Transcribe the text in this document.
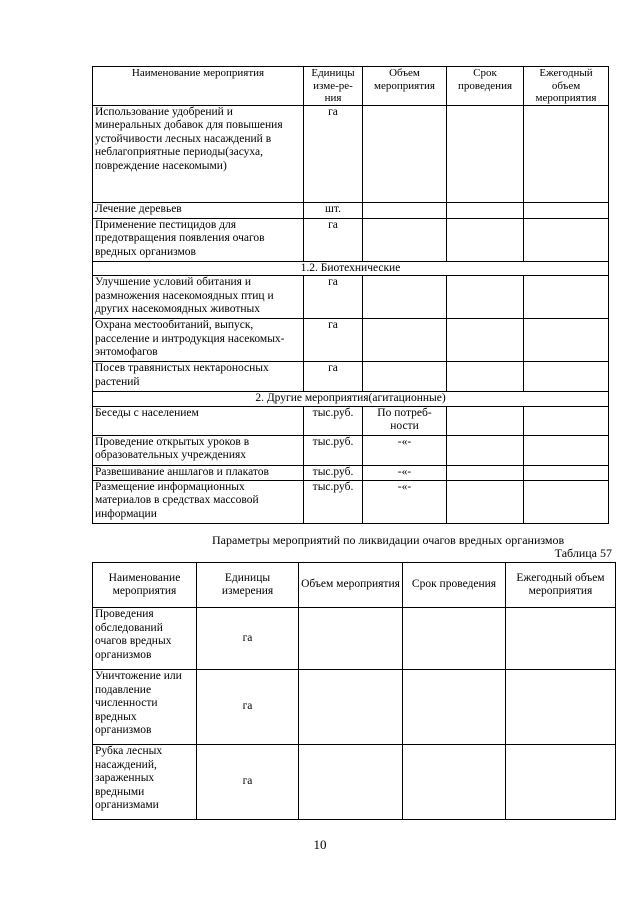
Наименование мероприятия	Единицы изме-ре-ния	Объем мероприятия	Срок проведения	Ежегодный объем мероприятия
Использование удобрений и минеральных добавок для повышения устойчивости лесных насаждений в неблагоприятные периоды(засуха, повреждение насекомыми)	га			
Лечение деревьев	шт.			
Применение пестицидов для предотвращения появления очагов вредных организмов	га			
1.2. Биотехнические				
Улучшение условий обитания и размножения насекомоядных птиц и других насекомоядных животных	га			
Охрана местообитаний, выпуск, расселение и интродукция насекомых-энтомофагов	га			
Посев травянистых нектароносных растений	га			
2. Другие мероприятия(агитационные)				
Беседы с населением	тыс.руб.	По потреб-ности		
Проведение открытых уроков в образовательных учреждениях	тыс.руб.	-«-		
Развешивание аншлагов и плакатов	тыс.руб.	-«-		
Размещение информационных материалов в средствах массовой информации	тыс.руб.	-«-		
Параметры мероприятий по ликвидации очагов вредных организмов
Таблица 57
Наименование мероприятия	Единицы измерения	Объем мероприятия	Срок проведения	Ежегодный объем мероприятия
Проведения обследований очагов вредных организмов	га			
Уничтожение или подавление численности вредных организмов	га			
Рубка лесных насаждений, зараженных вредными организмами	га			
10
